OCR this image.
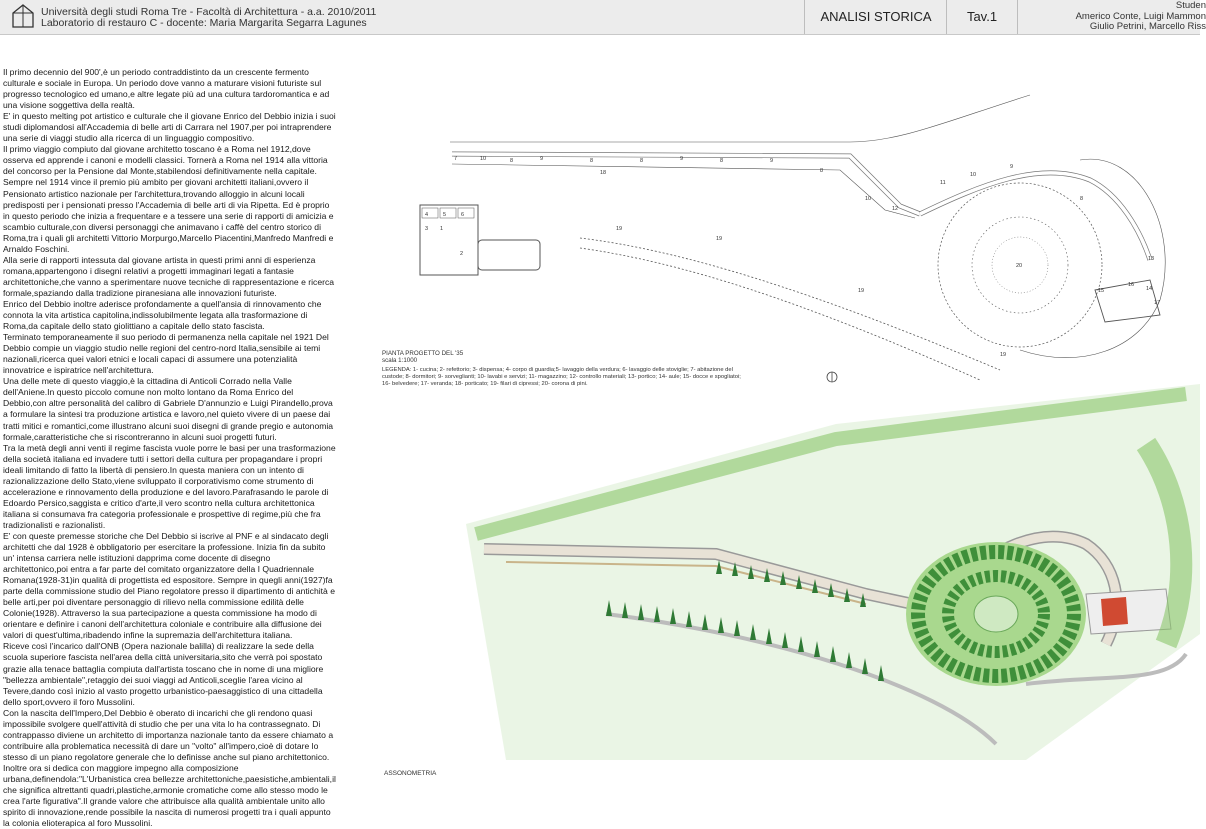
Università degli studi Roma Tre - Facoltà di Architettura - a.a. 2010/2011
Laboratorio di restauro C - docente: Maria Margarita Segarra Lagunes	ANALISI STORICA	Tav.1
Studen
Americo Conte, Luigi Mammon
Giulio Petrini, Marcello Riss

Il primo decennio del 900',è un periodo contraddistinto da un crescente fermento culturale e sociale in Europa. Un periodo dove vanno a maturare visioni futuriste sul progresso tecnologico ed umano,e altre legate più ad una cultura tardoromantica e ad una visione soggettiva della realtà.

E' in questo melting pot artistico e culturale che il giovane Enrico del Debbio inizia i suoi studi diplomandosi all'Accademia di belle arti di Carrara nel 1907,per poi intraprendere una serie di viaggi studio alla ricerca di un linguaggio compositivo.

Il primo viaggio compiuto dal giovane architetto toscano è a Roma nel 1912,dove osserva ed apprende i canoni e modelli classici. Tornerà a Roma nel 1914 alla vittoria del concorso per la Pensione dal Monte,stabilendosi definitivamente nella capitale. Sempre nel 1914 vince il premio più ambito per giovani architetti italiani,ovvero il Pensionato artistico nazionale per l'architettura,trovando alloggio in alcuni locali predisposti per i pensionati presso l'Accademia di belle arti di via Ripetta. Ed è proprio in questo periodo che inizia a frequentare e a tessere una serie di rapporti di amicizia e scambio culturale,con diversi personaggi che animavano i caffè del centro storico di Roma,tra i quali gli architetti Vittorio Morpurgo,Marcello Piacentini,Manfredo Manfredi e Arnaldo Foschini.

Alla serie di rapporti intessuta dal giovane artista in questi primi anni di esperienza romana,appartengono i disegni relativi a progetti immaginari legati a fantasie architettoniche,che vanno a sperimentare nuove tecniche di rappresentazione e ricerca formale,spaziando dalla tradizione piranesiana alle innovazioni futuriste.

Enrico del Debbio inoltre aderisce profondamente a quell'ansia di rinnovamento che connota la vita artistica capitolina,indissolubilmente legata alla trasformazione di Roma,da capitale dello stato giolittiano a capitale dello stato fascista.

Terminato temporaneamente il suo periodo di permanenza nella capitale nel 1921 Del Debbio compie un viaggio studio nelle regioni del centro-nord Italia,sensibile ai temi nazionali,ricerca quei valori etnici e locali capaci di assumere una potenzialità innovatrice e ispiratrice nell'architettura.

Una delle mete di questo viaggio,è la cittadina di Anticoli Corrado nella Valle dell'Aniene.In questo piccolo comune non molto lontano da Roma Enrico del Debbio,con altre personalità del calibro di Gabriele D'annunzio e Luigi Pirandello,prova a formulare la sintesi tra produzione artistica e lavoro,nel quieto vivere di un paese dai tratti mitici e romantici,come illustrano alcuni suoi disegni di grande pregio e autonomia formale,caratteristiche che si riscontreranno in alcuni suoi progetti futuri.

Tra la metà degli anni venti il regime fascista vuole porre le basi per una trasformazione della società italiana ed invadere tutti i settori della cultura per propagandare i propri ideali limitando di fatto la libertà di pensiero.In questa maniera con un intento di razionalizzazione dello Stato,viene sviluppato il corporativismo come strumento di accelerazione e rinnovamento della produzione e del lavoro.Parafrasando le parole di Edoardo Persico,saggista e critico d'arte,il vero scontro nella cultura architettonica italiana si consumava fra categoria professionale e prospettive di regime,più che fra tradizionalisti e razionalisti.

E' con queste premesse storiche che Del Debbio si iscrive al PNF e al sindacato degli architetti che dal 1928 è obbligatorio per esercitare la professione. Inizia fin da subito un' intensa carriera nelle istituzioni dapprima come docente di disegno architettonico,poi entra a far parte del comitato organizzatore della I Quadriennale Romana(1928-31)in qualità di progettista ed espositore. Sempre in quegli anni(1927)fa parte della commissione studio del Piano regolatore presso il dipartimento di antichità e belle arti,per poi diventare personaggio di rilievo nella commissione edilità delle Colonie(1928). Attraverso la sua partecipazione a questa commissione ha modo di orientare e definire i canoni dell'architettura coloniale e contribuire alla diffusione dei valori di quest'ultima,ribadendo infine la supremazia dell'architettura italiana.

Riceve così l'incarico dall'ONB (Opera nazionale balilla) di realizzare la sede della scuola superiore fascista nell'area della città universitaria,sito che verrà poi spostato grazie alla tenace battaglia compiuta dall'artista toscano che in nome di una migliore "bellezza ambientale",retaggio dei suoi viaggi ad Anticoli,sceglie l'area vicino al Tevere,dando così inizio al vasto progetto urbanistico-paesaggistico di una cittadella dello sport,ovvero il foro Mussolini.

Con la nascita dell'Impero,Del Debbio è oberato di incarichi che gli rendono quasi impossibile svolgere quell'attività di studio che per una vita lo ha contrassegnato. Di contrappasso diviene un architetto di importanza nazionale tanto da essere chiamato a contribuire alla problematica necessità di dare un "volto" all'impero,cioè di dotare lo stesso di un piano regolatore generale che lo definisse anche sul piano architettonico.

Inoltre ora si dedica con maggiore impegno alla composizione urbana,definendola:"L'Urbanistica crea bellezze architettoniche,paesistiche,ambientali,il che significa altrettanti quadri,plastiche,armonie cromatiche come allo stesso modo le crea l'arte figurativa".Il grande valore che attribuisce alla qualità ambientale unito allo spirito di innovazione,rende possibile la nascita di numerosi progetti tra i quali appunto la colonia elioterapica al foro Mussolini.

7	10	8	9	8	8	9
18
8	9
8
10
12
11
10
9
8
4	5	6
3 1
2
19
19
19
19
20
13
15
16
14
17
PIANTA PROGETTO DEL '35
scala 1:1000
LEGENDA: 1- cucina; 2- refettorio; 3- dispensa; 4- corpo di guardia;5- lavaggio della verdura; 6- lavaggio delle stoviglie; 7- abitazione del custode; 8- dormitori; 9- sorveglianti; 10- lavabi e servizi; 11- magazzino; 12- controllo materiali; 13- portico; 14- aule; 15- docce e spogliatoi; 16- belvedere; 17- veranda; 18- porticato; 19- filari di cipressi; 20- corona di pini.
ASSONOMETRIA
